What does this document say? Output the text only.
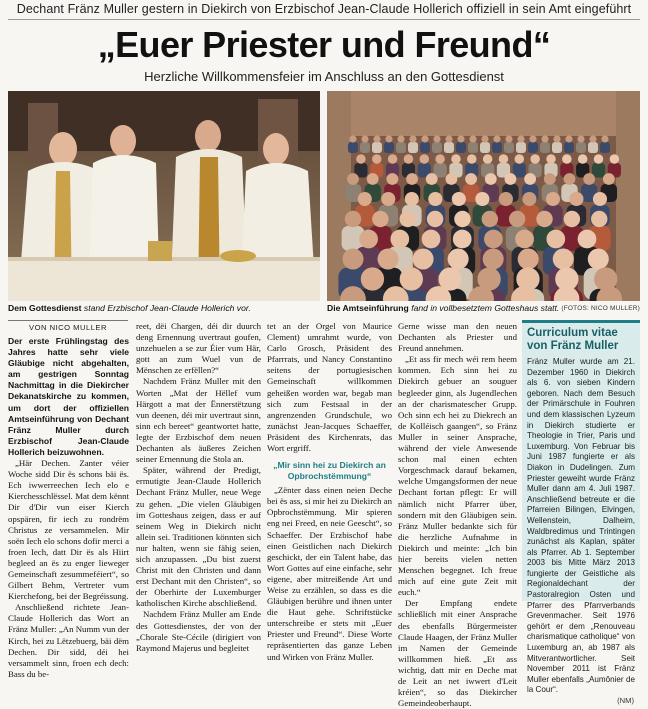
Dechant Fränz Muller gestern in Diekirch von Erzbischof Jean-Claude Hollerich offiziell in sein Amt eingeführt
„Euer Priester und Freund“
Herzliche Willkommensfeier im Anschluss an den Gottesdienst
Dem Gottesdienst stand Erzbischof Jean-Claude Hollerich vor.	Die Amtseinführung fand in vollbesetztem Gotteshaus statt. (FOTOS: NICO MULLER)
VON NICO MULLER

Der erste Frühlingstag des Jahres hatte sehr viele Gläubige nicht abgehalten, am gestrigen Sonntag Nachmittag in die Diekircher Dekanatskirche zu kommen, um dort der offiziellen Amtseinführung von Dechant Fränz Muller durch Erzbischof Jean-Claude Hollerich beizuwohnen.

„Här Dechen. Zanter véier Woche sidd Dir ës schons bäi ës. Ech iwwerreechen Iech elo e Kierchesschlëssel. Mat dem kënnt Dir d'Dir vun eiser Kierch opspären, fir iech zu rondrëm Christus ze versammelen. Mir soën Iech elo schons dofir merci a froen Iech, datt Dir ës als Hiirt begleed an ës zu enger lieweger Gemeinschaft zesummeféiert“, so Gilbert Behm, Vertreter vum Kierchefong, bei der Begréissung.

Anschließend richtete Jean-Claude Hollerich das Wort an Fränz Muller: „An Numm vun der Kirch, hei zu Lëtzebuerg, bäi dëm Dechen. Dir sidd, déi hei versammelt sinn, froen ech dech: Bass du be-

reet, dëi Chargen, déi dir duurch deng Ernennung uvertraut goufen, unzehuelen a se zur Éier vum Här, gott an zum Wuel vun de Mënschen ze erfëllen?“

Nachdem Fränz Muller mit den Worten „Mat der Hëllef vum Härgott a mat der Ënnerstëtzung vun deenen, déi mir uvertraut sinn, sinn ech bereet“ geantwortet hatte, legte der Erzbischof dem neuen Dechanten als äußeres Zeichen seiner Ernennung die Stola an.

Später, während der Predigt, ermutigte Jean-Claude Hollerich Dechant Fränz Muller, neue Wege zu gehen. „Die vielen Gläubigen im Gotteshaus zeigen, dass er auf seinem Weg in Diekirch nicht allein sei. Traditionen könnten sich nur halten, wenn sie fähig seien, sich anzupassen. „Du bist zuerst Christ mit den Christen und dann erst Dechant mit den Christen“, so der Oberhirte der Luxemburger katholischen Kirche abschließend.

Nachdem Fränz Muller am Ende des Gottesdienstes, der von der „Chorale Ste-Cécile (dirigiert von Raymond Majerus und begleitet

tet an der Orgel von Maurice Clement) umrahmt wurde, von Carlo Grosch, Präsident des Pfarrrats, und Nancy Constantino seitens der portugiesischen Gemeinschaft willkommen geheißen worden war, begab man sich zum Festsaal in der angrenzenden Grundschule, wo zunächst Jean-Jacques Schaeffer, Präsident des Kirchenrats, das Wort ergriff.

„Mir sinn hei zu Diekirch an Opbrochstëmmung“

„Zënter dass einen neien Deche bei ës ass, si mir hei zu Diekirch an Opbrochstëmmung. Mir spieren eng nei Freed, en neie Geescht“, so Schaeffer. Der Erzbischof habe einen Geistlichen nach Diekirch geschickt, der ein Talent habe, das Wort Gottes auf eine einfache, sehr eigene, aber mitreißende Art und Weise zu erzählen, so dass es die Gläubigen berühre und ihnen unter die Haut gehe. Schriftstücke unterschreibe er stets mit „Euer Priester und Freund“. Diese Worte repräsentierten das ganze Leben und Wirken von Fränz Muller.

Gerne wisse man den neuen Dechanten als Priester und Freund annehmen.

„Et ass fir mech wéi rem heem kommen. Ech sinn hei zu Diekirch gebuer an souguer begleeder ginn, als Jugendlechen an der charismatescher Grupp. Och sinn ech hei zu Diekrech an de Kolléisch gaangen“, so Fränz Muller in seiner Ansprache, während der viele Anwesende schon mal einen echten Vorgeschmack darauf bekamen, welche Umgangsformen der neue Dechant fortan pflegt: Er will nämlich nicht Pfarrer über, sondern mit den Gläubigen sein. Fränz Muller bedankte sich für die herzliche Aufnahme in Diekirch und meinte: „Ich bin hier bereits vielen netten Menschen begegnet. Ich freue mich auf eine gute Zeit mit euch.“

Der Empfang endete schließlich mit einer Ansprache des ebenfalls Bürgermeister Claude Haagen, der Fränz Muller im Namen der Gemeinde willkommen hieß. „Et ass wichtig, datt mir en Deche mat de Leit an net iwwert d'Leit kréien“, so das Diekircher Gemeindeoberhaupt.

Curriculum vitae von Fränz Muller
Fränz Muller wurde am 21. Dezember 1960 in Diekirch als 6. von sieben Kindern geboren. Nach dem Besuch der Primärschule in Fouhren und dem klassischen Lyzeum in Diekirch studierte er Theologie in Trier, Paris und Luxemburg. Von Februar bis Juni 1987 fungierte er als Diakon in Dudelingen. Zum Priester geweiht wurde Fränz Muller dann am 4. Juli 1987. Anschließend betreute er die Pfarreien Bilingen, Elvingen, Wellenstein, Dalheim, Waldbredimus und Trintingen zunächst als Kaplan, später als Pfarrer. Ab 1. September 2003 bis Mitte März 2013 fungierte der Geistliche als Regionaldechant der Pastoralregion Osten und Pfarrer des Pfarrverbands Grevenmacher. Seit 1976 gehört er dem „Renouveau charismatique catholique“ von Luxemburg an, ab 1987 als Mitverantwortlicher. Seit November 2011 ist Fränz Muller ebenfalls „Aumônier de la Cour“.
(NM)
